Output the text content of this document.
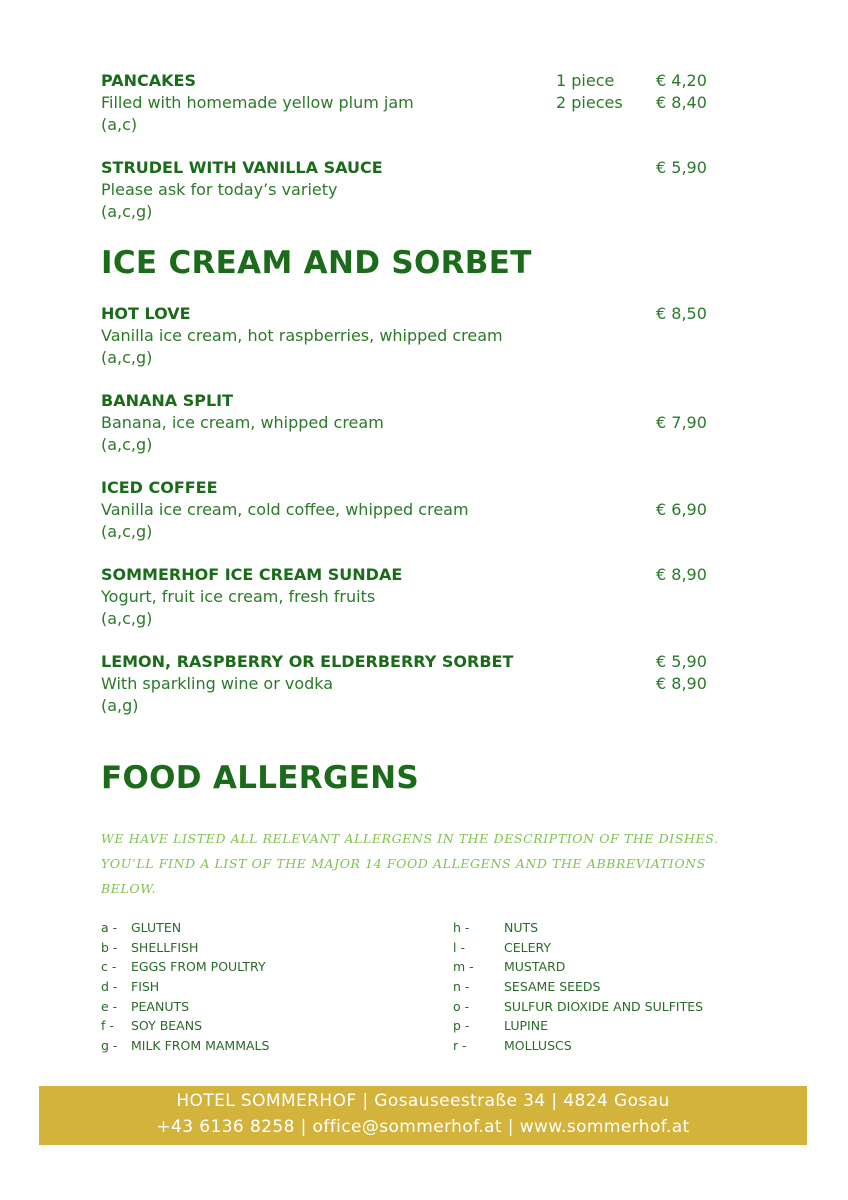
PANCAKES
Filled with homemade yellow plum jam
(a,c)
1 piece	€ 4,20
2 pieces € 8,40
STRUDEL WITH VANILLA SAUCE
Please ask for today’s variety
(a,c,g)
€ 5,90
ICE CREAM AND SORBET
HOT LOVE
Vanilla ice cream, hot raspberries, whipped cream
(a,c,g)
€ 8,50
BANANA SPLIT
Banana, ice cream, whipped cream
(a,c,g)
€ 7,90
ICED COFFEE
Vanilla ice cream, cold coffee, whipped cream
(a,c,g)
€ 6,90
SOMMERHOF ICE CREAM SUNDAE
Yogurt, fruit ice cream, fresh fruits
(a,c,g)
€ 8,90
LEMON, RASPBERRY OR ELDERBERRY SORBET
With sparkling wine or vodka
(a,g)
€ 5,90
€ 8,90
FOOD ALLERGENS
WE HAVE LISTED ALL RELEVANT ALLERGENS IN THE DESCRIPTION OF THE DISHES. YOU’LL FIND A LIST OF THE MAJOR 14 FOOD ALLEGENS AND THE ABBREVIATIONS BELOW.
a - GLUTEN
b - SHELLFISH
c - EGGS FROM POULTRY
d - FISH
e - PEANUTS
f - SOY BEANS
g - MILK FROM MAMMALS
h -	NUTS
l -	CELERY
m - MUSTARD
n -	SESAME SEEDS
o -	SULFUR DIOXIDE AND SULFITES
p -	LUPINE
r -	MOLLUSCS
HOTEL SOMMERHOF | Gosauseestraße 34 | 4824 Gosau
+43 6136 8258 | office@sommerhof.at | www.sommerhof.at
